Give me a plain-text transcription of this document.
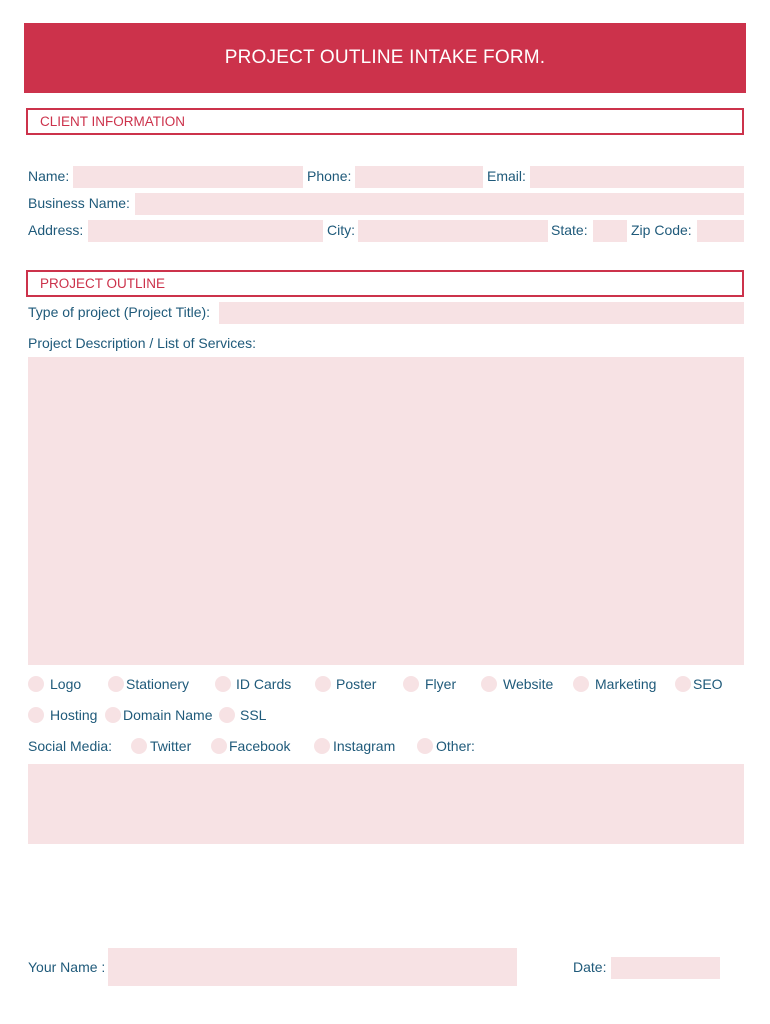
PROJECT OUTLINE INTAKE FORM.
CLIENT INFORMATION
Name:	Phone:	Email:
Business Name:
Address:	City:	State:	Zip Code:
PROJECT OUTLINE
Type of project (Project Title):
Project Description / List of Services:
Logo	Stationery	ID Cards	Poster	Flyer	Website	Marketing	SEO
Hosting Domain Name SSL
Social Media:	Twitter	Facebook	Instagram	Other:
Your Name :	Date:
